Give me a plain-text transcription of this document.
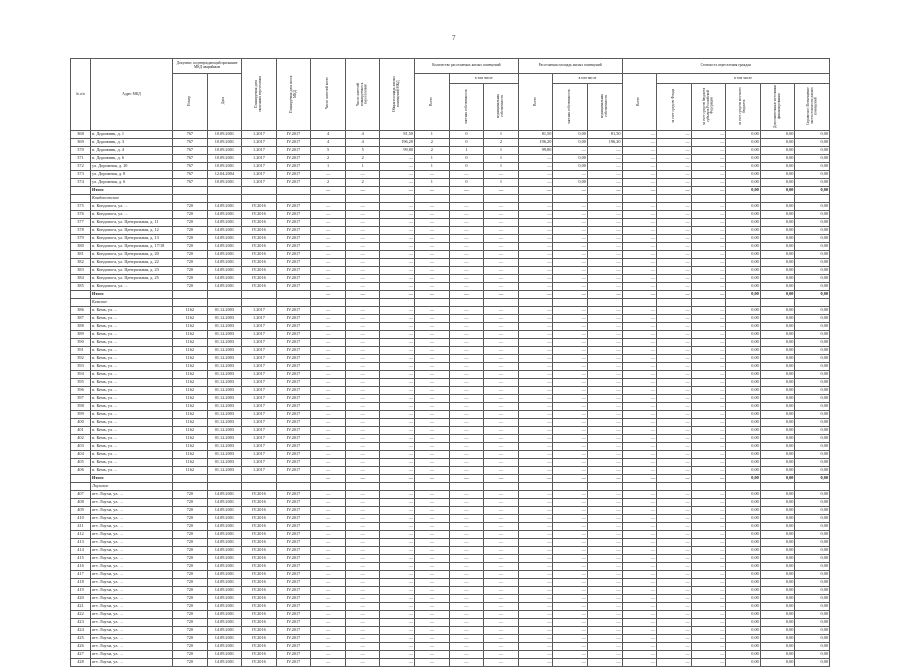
7
№ п/п	Адрес МКД	Документ, подтверждающий признание МКД аварийным		Планируемая дата окончания переселения	Планируемая дата сноса МКД	Число жителей всего	Число жителей планируемых к переселению	Общая площадь жилых помещений МКД	Количество расселяемых жилых помещений			Расселяемая площадь жилых помещений			Стоимость переселения граждан					
		Номер	Дата						Всего	в том числе		Всего	в том числе		Всего	в том числе				
										частная собственность	муниципальная собственность		частная собственность	муниципальная собственность		за счет средств Фонда	за счет средств бюджета субъекта Российской Федерации	за счет средств местного бюджета	Дополнительные источники финансирования	Справочно: Возмещение части стоимости жилых помещений
368	п. Дорожник, д. 1	767	10.09.2001	1.2017	IV.2017	4	4	81,50	1	0	1	81,50	0,00	81,50	—	—	—	0,00	0,00	0,00
369	п. Дорожник, д. 3	767	10.09.2001	1.2017	IV.2017	4	4	196,20	2	0	2	196,20	0,00	196,20	—	—	—	0,00	0,00	0,00
370	п. Дорожник, д. 4	767	10.09.2001	1.2017	IV.2017	5	5	99,80	2	1	1	99,80	—	—	—	—	—	0,00	0,00	0,00
371	п. Дорожник, д. 6	767	10.09.2001	1.2017	IV.2017	2	2	—	1	0	1	—	0,00	—	—	—	—	0,00	0,00	0,00
372	ул. Дорожная, д. 10	767	10.09.2001	1.2017	IV.2017	1	1	—	1	0	1	—	0,00	—	—	—	—	0,00	0,00	0,00
373	ул. Дорожная, д. 8	767	12.04.2004	1.2017	IV.2017	—	—	—	—	—	—	—	—	—	—	—	—	0,00	0,00	0,00
374	ул. Дорожная, д. 6	767	10.09.2001	1.2017	IV.2017	2	2	—	1	0	1	—	0,00	—	—	—	—	0,00	0,00	0,00
	Итого					—	—	—	—	—	—	—	—	—	—	—	—	0,00	0,00	0,00
	Кондопожское																			
375	п. Кондопога, ул. ...	720	14.09.2001	IV.2016	IV.2017	—	—	—	—	—	—	—	—	—	—	—	—	0,00	0,00	0,00
376	п. Кондопога, ул. ...	720	14.09.2001	IV.2016	IV.2017	—	—	—	—	—	—	—	—	—	—	—	—	0,00	0,00	0,00
377	п. Кондопога, ул. Центральная, д. 11	720	14.09.2001	IV.2016	IV.2017	—	—	—	—	—	—	—	—	—	—	—	—	0,00	0,00	0,00
378	п. Кондопога, ул. Центральная, д. 12	720	14.09.2001	IV.2016	IV.2017	—	—	—	—	—	—	—	—	—	—	—	—	0,00	0,00	0,00
379	п. Кондопога, ул. Центральная, д. 13	720	14.09.2001	IV.2016	IV.2017	—	—	—	—	—	—	—	—	—	—	—	—	0,00	0,00	0,00
380	п. Кондопога, ул. Центральная, д. 17/18	720	14.09.2001	IV.2016	IV.2017	—	—	—	—	—	—	—	—	—	—	—	—	0,00	0,00	0,00
381	п. Кондопога, ул. Центральная, д. 20	720	14.09.2001	IV.2016	IV.2017	—	—	—	—	—	—	—	—	—	—	—	—	0,00	0,00	0,00
382	п. Кондопога, ул. Центральная, д. 22	720	14.09.2001	IV.2016	IV.2017	—	—	—	—	—	—	—	—	—	—	—	—	0,00	0,00	0,00
383	п. Кондопога, ул. Центральная, д. 23	720	14.09.2001	IV.2016	IV.2017	—	—	—	—	—	—	—	—	—	—	—	—	0,00	0,00	0,00
384	п. Кондопога, ул. Центральная, д. 25	720	14.09.2001	IV.2016	IV.2017	—	—	—	—	—	—	—	—	—	—	—	—	0,00	0,00	0,00
385	п. Кондопога, ул. ...	720	14.09.2001	IV.2016	IV.2017	—	—	—	—	—	—	—	—	—	—	—	—	0,00	0,00	0,00
	Итого					—	—	—	—	—	—	—	—	—	—	—	—	0,00	0,00	0,00
	Кемское																			
386	п. Кемь, ул. ...	1162	01.12.2003	1.2017	IV.2017	—	—	—	—	—	—	—	—	—	—	—	—	0,00	0,00	0,00
387	п. Кемь, ул. ...	1162	01.12.2003	1.2017	IV.2017	—	—	—	—	—	—	—	—	—	—	—	—	0,00	0,00	0,00
388	п. Кемь, ул. ...	1162	01.12.2003	1.2017	IV.2017	—	—	—	—	—	—	—	—	—	—	—	—	0,00	0,00	0,00
389	п. Кемь, ул. ...	1162	01.12.2003	1.2017	IV.2017	—	—	—	—	—	—	—	—	—	—	—	—	0,00	0,00	0,00
390	п. Кемь, ул. ...	1162	01.12.2003	1.2017	IV.2017	—	—	—	—	—	—	—	—	—	—	—	—	0,00	0,00	0,00
391	п. Кемь, ул. ...	1162	01.12.2003	1.2017	IV.2017	—	—	—	—	—	—	—	—	—	—	—	—	0,00	0,00	0,00
392	п. Кемь, ул. ...	1162	01.12.2003	1.2017	IV.2017	—	—	—	—	—	—	—	—	—	—	—	—	0,00	0,00	0,00
393	п. Кемь, ул. ...	1162	01.12.2003	1.2017	IV.2017	—	—	—	—	—	—	—	—	—	—	—	—	0,00	0,00	0,00
394	п. Кемь, ул. ...	1162	01.12.2003	1.2017	IV.2017	—	—	—	—	—	—	—	—	—	—	—	—	0,00	0,00	0,00
395	п. Кемь, ул. ...	1162	01.12.2003	1.2017	IV.2017	—	—	—	—	—	—	—	—	—	—	—	—	0,00	0,00	0,00
396	п. Кемь, ул. ...	1162	01.12.2003	1.2017	IV.2017	—	—	—	—	—	—	—	—	—	—	—	—	0,00	0,00	0,00
397	п. Кемь, ул. ...	1162	01.12.2003	1.2017	IV.2017	—	—	—	—	—	—	—	—	—	—	—	—	0,00	0,00	0,00
398	п. Кемь, ул. ...	1162	01.12.2003	1.2017	IV.2017	—	—	—	—	—	—	—	—	—	—	—	—	0,00	0,00	0,00
399	п. Кемь, ул. ...	1162	01.12.2003	1.2017	IV.2017	—	—	—	—	—	—	—	—	—	—	—	—	0,00	0,00	0,00
400	п. Кемь, ул. ...	1162	01.12.2003	1.2017	IV.2017	—	—	—	—	—	—	—	—	—	—	—	—	0,00	0,00	0,00
401	п. Кемь, ул. ...	1162	01.12.2003	1.2017	IV.2017	—	—	—	—	—	—	—	—	—	—	—	—	0,00	0,00	0,00
402	п. Кемь, ул. ...	1162	01.12.2003	1.2017	IV.2017	—	—	—	—	—	—	—	—	—	—	—	—	0,00	0,00	0,00
403	п. Кемь, ул. ...	1162	01.12.2003	1.2017	IV.2017	—	—	—	—	—	—	—	—	—	—	—	—	0,00	0,00	0,00
404	п. Кемь, ул. ...	1162	01.12.2003	1.2017	IV.2017	—	—	—	—	—	—	—	—	—	—	—	—	0,00	0,00	0,00
405	п. Кемь, ул. ...	1162	01.12.2003	1.2017	IV.2017	—	—	—	—	—	—	—	—	—	—	—	—	0,00	0,00	0,00
406	п. Кемь, ул. ...	1162	01.12.2003	1.2017	IV.2017	—	—	—	—	—	—	—	—	—	—	—	—	0,00	0,00	0,00
	Итого					—	—	—	—	—	—	—	—	—	—	—	—	0,00	0,00	0,00
	Лоухское																			
407	пгт. Лоухи, ул. ...	720	14.09.2001	IV.2016	IV.2017	—	—	—	—	—	—	—	—	—	—	—	—	0,00	0,00	0,00
408	пгт. Лоухи, ул. ...	720	14.09.2001	IV.2016	IV.2017	—	—	—	—	—	—	—	—	—	—	—	—	0,00	0,00	0,00
409	пгт. Лоухи, ул. ...	720	14.09.2001	IV.2016	IV.2017	—	—	—	—	—	—	—	—	—	—	—	—	0,00	0,00	0,00
410	пгт. Лоухи, ул. ...	720	14.09.2001	IV.2016	IV.2017	—	—	—	—	—	—	—	—	—	—	—	—	0,00	0,00	0,00
411	пгт. Лоухи, ул. ...	720	14.09.2001	IV.2016	IV.2017	—	—	—	—	—	—	—	—	—	—	—	—	0,00	0,00	0,00
412	пгт. Лоухи, ул. ...	720	14.09.2001	IV.2016	IV.2017	—	—	—	—	—	—	—	—	—	—	—	—	0,00	0,00	0,00
413	пгт. Лоухи, ул. ...	720	14.09.2001	IV.2016	IV.2017	—	—	—	—	—	—	—	—	—	—	—	—	0,00	0,00	0,00
414	пгт. Лоухи, ул. ...	720	14.09.2001	IV.2016	IV.2017	—	—	—	—	—	—	—	—	—	—	—	—	0,00	0,00	0,00
415	пгт. Лоухи, ул. ...	720	14.09.2001	IV.2016	IV.2017	—	—	—	—	—	—	—	—	—	—	—	—	0,00	0,00	0,00
416	пгт. Лоухи, ул. ...	720	14.09.2001	IV.2016	IV.2017	—	—	—	—	—	—	—	—	—	—	—	—	0,00	0,00	0,00
417	пгт. Лоухи, ул. ...	720	14.09.2001	IV.2016	IV.2017	—	—	—	—	—	—	—	—	—	—	—	—	0,00	0,00	0,00
418	пгт. Лоухи, ул. ...	720	14.09.2001	IV.2016	IV.2017	—	—	—	—	—	—	—	—	—	—	—	—	0,00	0,00	0,00
419	пгт. Лоухи, ул. ...	720	14.09.2001	IV.2016	IV.2017	—	—	—	—	—	—	—	—	—	—	—	—	0,00	0,00	0,00
420	пгт. Лоухи, ул. ...	720	14.09.2001	IV.2016	IV.2017	—	—	—	—	—	—	—	—	—	—	—	—	0,00	0,00	0,00
421	пгт. Лоухи, ул. ...	720	14.09.2001	IV.2016	IV.2017	—	—	—	—	—	—	—	—	—	—	—	—	0,00	0,00	0,00
422	пгт. Лоухи, ул. ...	720	14.09.2001	IV.2016	IV.2017	—	—	—	—	—	—	—	—	—	—	—	—	0,00	0,00	0,00
423	пгт. Лоухи, ул. ...	720	14.09.2001	IV.2016	IV.2017	—	—	—	—	—	—	—	—	—	—	—	—	0,00	0,00	0,00
424	пгт. Лоухи, ул. ...	720	14.09.2001	IV.2016	IV.2017	—	—	—	—	—	—	—	—	—	—	—	—	0,00	0,00	0,00
425	пгт. Лоухи, ул. ...	720	14.09.2001	IV.2016	IV.2017	—	—	—	—	—	—	—	—	—	—	—	—	0,00	0,00	0,00
426	пгт. Лоухи, ул. ...	720	14.09.2001	IV.2016	IV.2017	—	—	—	—	—	—	—	—	—	—	—	—	0,00	0,00	0,00
427	пгт. Лоухи, ул. ...	720	14.09.2001	IV.2016	IV.2017	—	—	—	—	—	—	—	—	—	—	—	—	0,00	0,00	0,00
428	пгт. Лоухи, ул. ...	720	14.09.2001	IV.2016	IV.2017	—	—	—	—	—	—	—	—	—	—	—	—	0,00	0,00	0,00
